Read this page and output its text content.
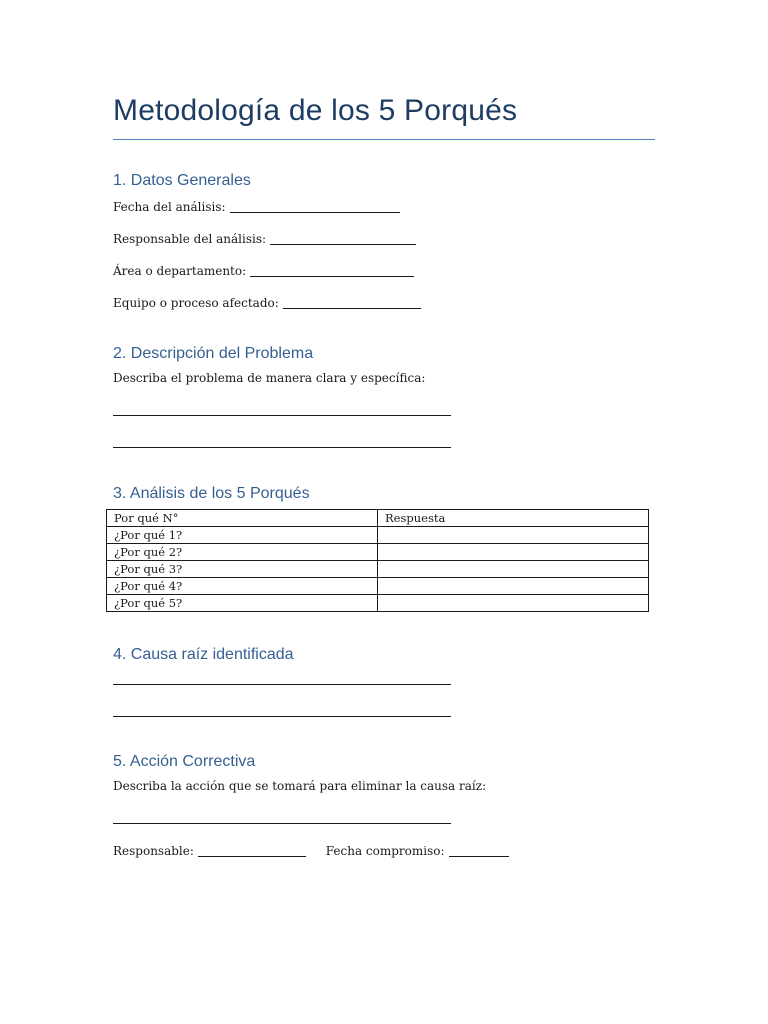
Metodología de los 5 Porqués
1. Datos Generales
Fecha del análisis:
Responsable del análisis:
Área o departamento:
Equipo o proceso afectado:
2. Descripción del Problema
Describa el problema de manera clara y específica:
3. Análisis de los 5 Porqués
Por qué N°	Respuesta
¿Por qué 1?	
¿Por qué 2?	
¿Por qué 3?	
¿Por qué 4?	
¿Por qué 5?	
4. Causa raíz identificada
5. Acción Correctiva
Describa la acción que se tomará para eliminar la causa raíz:
Responsable:	Fecha compromiso:
